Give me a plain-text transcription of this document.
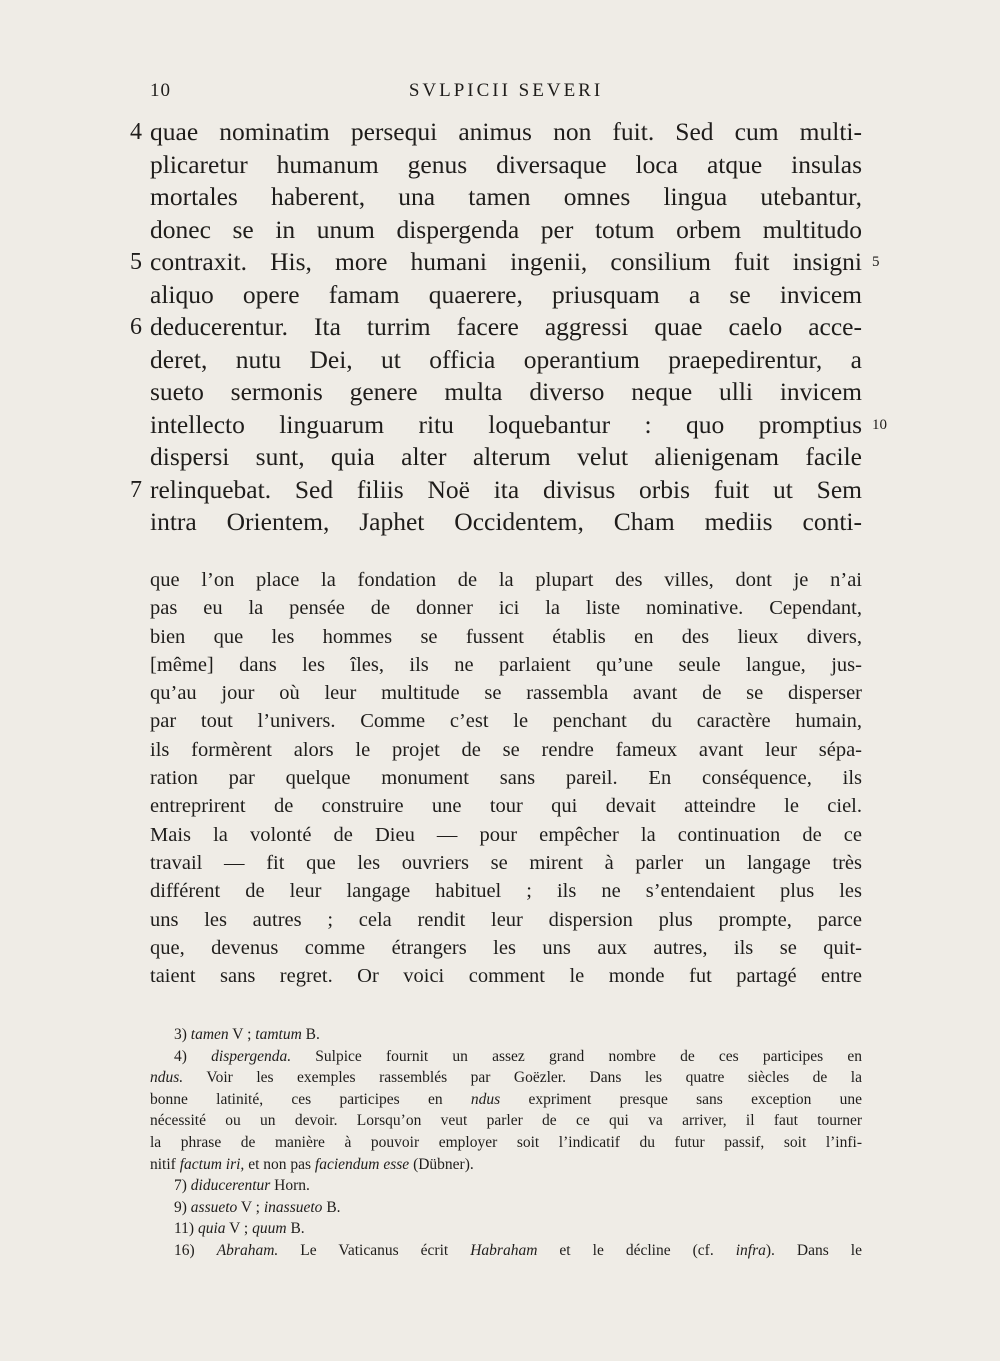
10	SVLPICII SEVERI
4 quae nominatim persequi animus non fuit. Sed cum multi-
plicaretur humanum genus diversaque loca atque insulas
mortales haberent, una tamen omnes lingua utebantur,
donec se in unum dispergenda per totum orbem multitudo
5 contraxit. His, more humani ingenii, consilium fuit insigni 5
aliquo opere famam quaerere, priusquam a se invicem
6 deducerentur. Ita turrim facere aggressi quae caelo acce-
deret, nutu Dei, ut officia operantium praepedirentur, a
sueto sermonis genere multa diverso neque ulli invicem
intellecto linguarum ritu loquebantur : quo promptius 10
dispersi sunt, quia alter alterum velut alienigenam facile
7 relinquebat. Sed filiis Noë ita divisus orbis fuit ut Sem
intra Orientem, Japhet Occidentem, Cham mediis conti-
que l’on place la fondation de la plupart des villes, dont je n’ai
pas eu la pensée de donner ici la liste nominative. Cependant,
bien que les hommes se fussent établis en des lieux divers,
[même] dans les îles, ils ne parlaient qu’une seule langue, jus-
qu’au jour où leur multitude se rassembla avant de se disperser
par tout l’univers. Comme c’est le penchant du caractère humain,
ils formèrent alors le projet de se rendre fameux avant leur sépa-
ration par quelque monument sans pareil. En conséquence, ils
entreprirent de construire une tour qui devait atteindre le ciel.
Mais la volonté de Dieu — pour empêcher la continuation de ce
travail — fit que les ouvriers se mirent à parler un langage très
différent de leur langage habituel ; ils ne s’entendaient plus les
uns les autres ; cela rendit leur dispersion plus prompte, parce
que, devenus comme étrangers les uns aux autres, ils se quit-
taient sans regret. Or voici comment le monde fut partagé entre
3) tamen V ; tamtum B.
4) dispergenda. Sulpice fournit un assez grand nombre de ces participes en
ndus. Voir les exemples rassemblés par Goëzler. Dans les quatre siècles de la
bonne latinité, ces participes en ndus expriment presque sans exception une
nécessité ou un devoir. Lorsqu’on veut parler de ce qui va arriver, il faut tourner
la phrase de manière à pouvoir employer soit l’indicatif du futur passif, soit l’infi-
nitif factum iri, et non pas faciendum esse (Dübner).
7) diducerentur Horn.
9) assueto V ; inassueto B.
11) quia V ; quum B.
16) Abraham. Le Vaticanus écrit Habraham et le décline (cf. infra). Dans le
